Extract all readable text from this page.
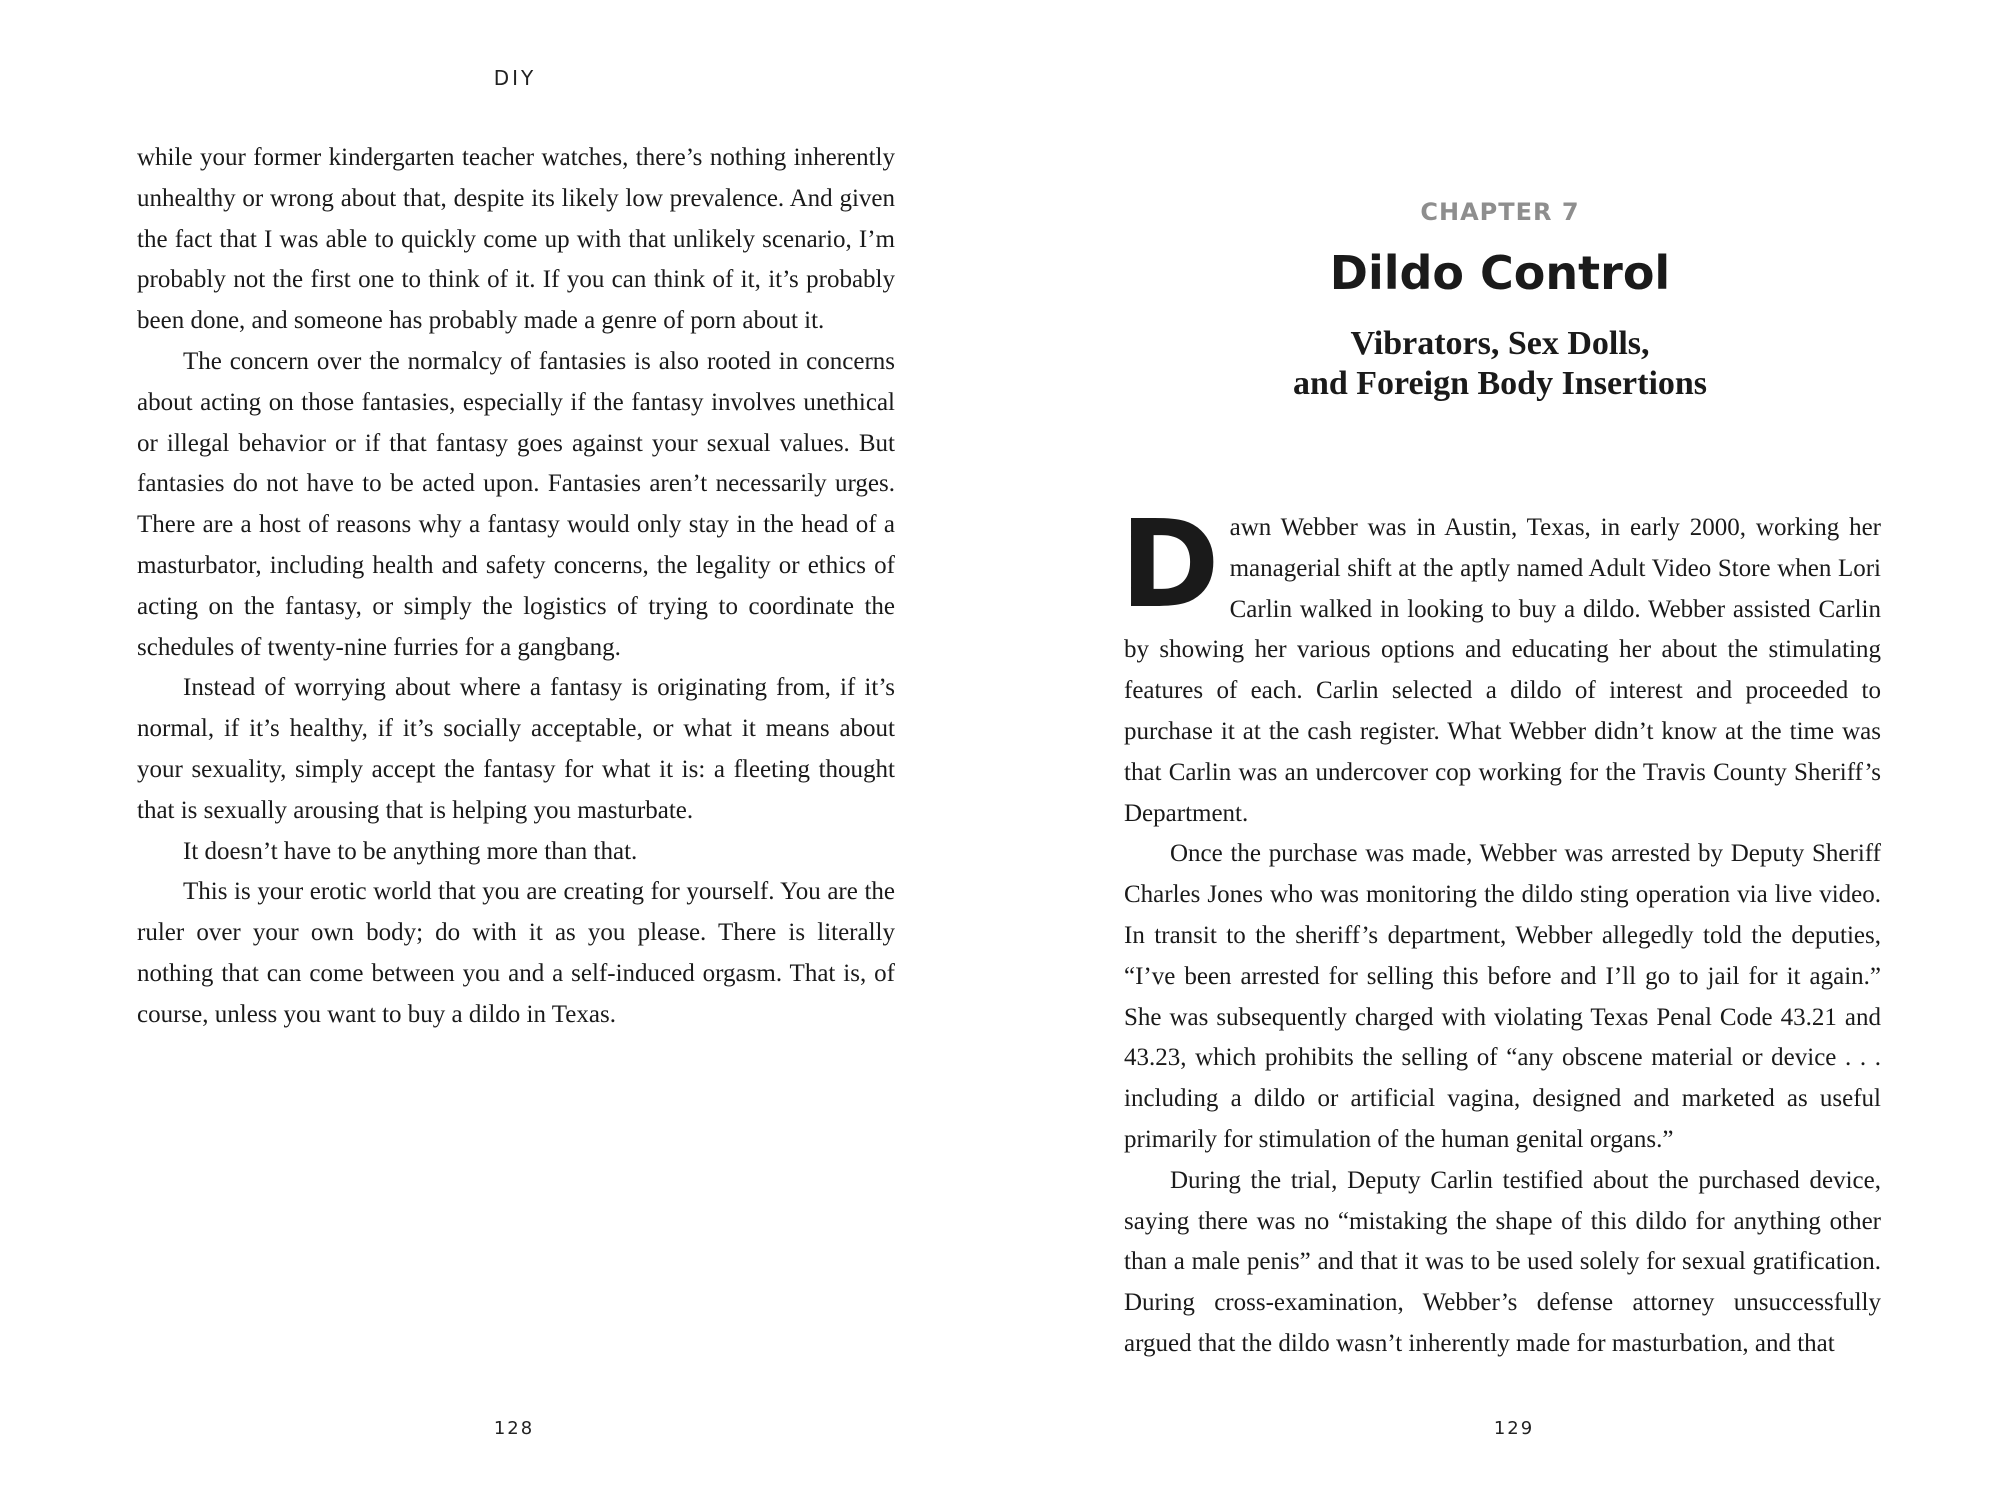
DIY

while your former kindergarten teacher watches, there’s nothing inherently unhealthy or wrong about that, despite its likely low prevalence. And given the fact that I was able to quickly come up with that unlikely scenario, I’m probably not the first one to think of it. If you can think of it, it’s probably been done, and someone has probably made a genre of porn about it.

The concern over the normalcy of fantasies is also rooted in concerns about acting on those fantasies, especially if the fantasy involves unethical or illegal behavior or if that fantasy goes against your sexual values. But fantasies do not have to be acted upon. Fantasies aren’t necessarily urges. There are a host of reasons why a fantasy would only stay in the head of a masturbator, including health and safety concerns, the legality or ethics of acting on the fantasy, or simply the logistics of trying to coordinate the schedules of twenty-nine furries for a gangbang.

Instead of worrying about where a fantasy is originating from, if it’s normal, if it’s healthy, if it’s socially acceptable, or what it means about your sexuality, simply accept the fantasy for what it is: a fleeting thought that is sexually arousing that is helping you masturbate.

It doesn’t have to be anything more than that.

This is your erotic world that you are creating for yourself. You are the ruler over your own body; do with it as you please. There is literally nothing that can come between you and a self-induced orgasm. That is, of course, unless you want to buy a dildo in Texas.

128
CHAPTER 7
Dildo Control
Vibrators, Sex Dolls,
and Foreign Body Insertions

Dawn Webber was in Austin, Texas, in early 2000, working her managerial shift at the aptly named Adult Video Store when Lori Carlin walked in looking to buy a dildo. Webber assisted Carlin by showing her various options and educating her about the stimulating features of each. Carlin selected a dildo of interest and proceeded to purchase it at the cash register. What Webber didn’t know at the time was that Carlin was an undercover cop working for the Travis County Sheriff’s Department.

Once the purchase was made, Webber was arrested by Deputy Sheriff Charles Jones who was monitoring the dildo sting operation via live video. In transit to the sheriff’s department, Webber allegedly told the deputies, “I’ve been arrested for selling this before and I’ll go to jail for it again.” She was subsequently charged with violating Texas Penal Code 43.21 and 43.23, which prohibits the selling of “any obscene material or device . . . including a dildo or artificial vagina, designed and marketed as useful primarily for stimulation of the human genital organs.”

During the trial, Deputy Carlin testified about the purchased device, saying there was no “mistaking the shape of this dildo for anything other than a male penis” and that it was to be used solely for sexual gratification. During cross-examination, Webber’s defense attorney unsuccessfully argued that the dildo wasn’t inherently made for masturbation, and that

129
